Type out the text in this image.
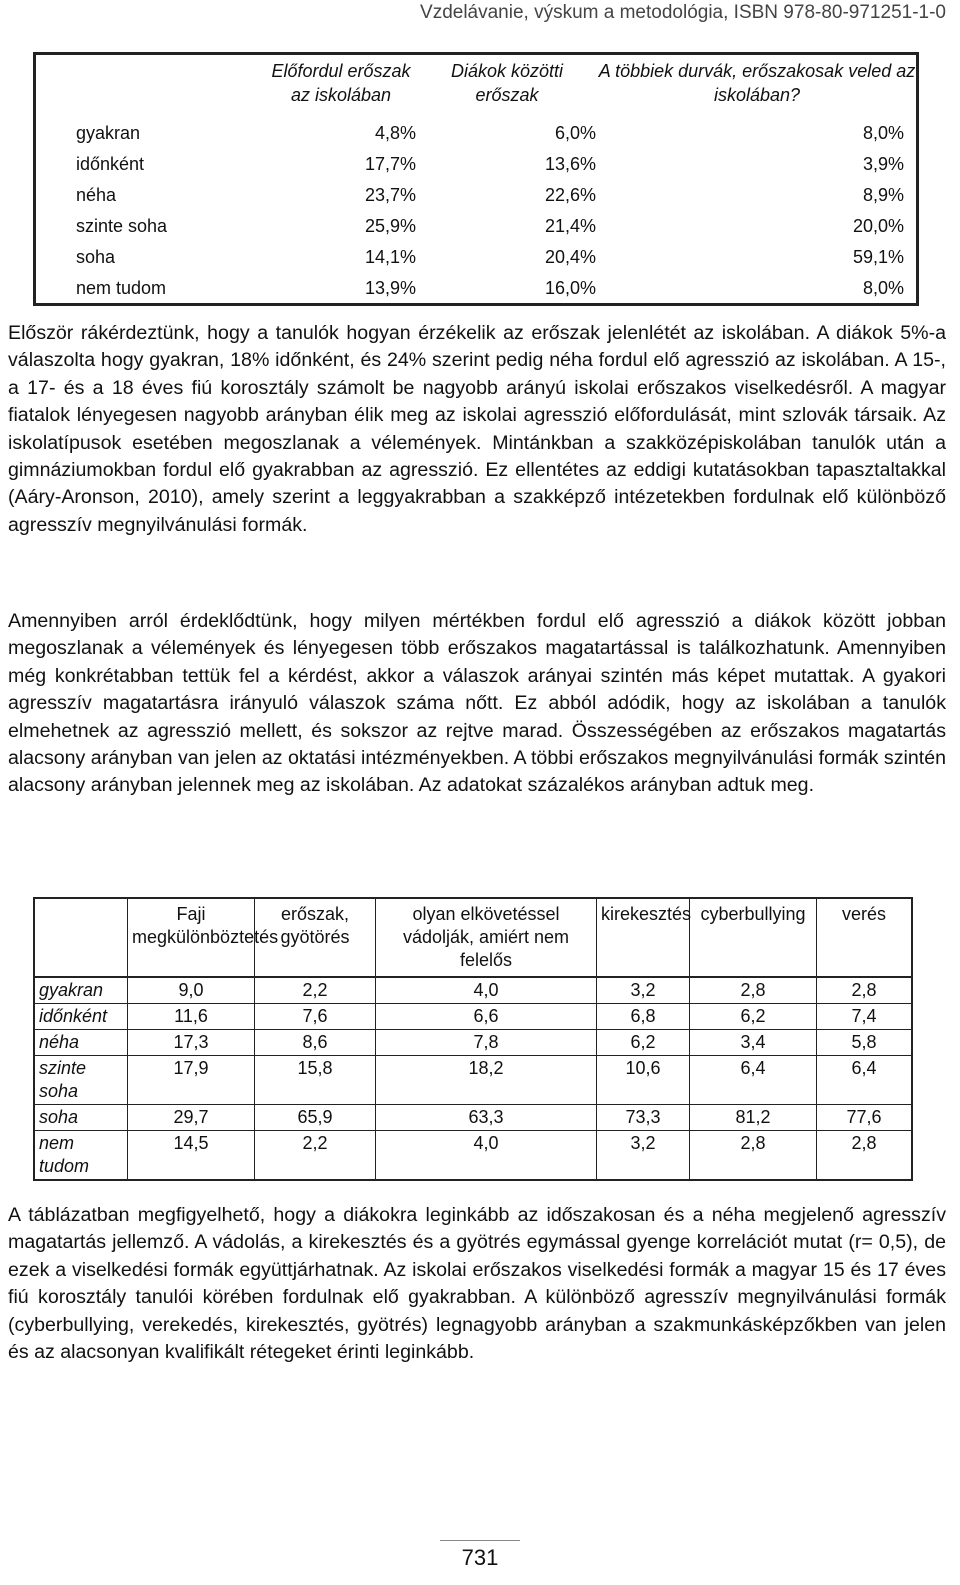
Vzdelávanie, výskum a metodológia, ISBN 978-80-971251-1-0
	Előfordul erőszak az iskolában	Diákok közötti erőszak	A többiek durvák, erőszakosak veled az iskolában?
gyakran	4,8%	6,0%	8,0%
időnként	17,7%	13,6%	3,9%
néha	23,7%	22,6%	8,9%
szinte soha	25,9%	21,4%	20,0%
soha	14,1%	20,4%	59,1%
nem tudom	13,9%	16,0%	8,0%

Először rákérdeztünk, hogy a tanulók hogyan érzékelik az erőszak jelenlétét az iskolában. A diákok 5%-a válaszolta hogy gyakran, 18% időnként, és 24% szerint pedig néha fordul elő agresszió az iskolában. A 15-, a 17- és a 18 éves fiú korosztály számolt be nagyobb arányú iskolai erőszakos viselkedésről. A magyar fiatalok lényegesen nagyobb arányban élik meg az iskolai agresszió előfordulását, mint szlovák társaik. Az iskolatípusok esetében megoszlanak a vélemények. Mintánkban a szakközépiskolában tanulók után a gimnáziumokban fordul elő gyakrabban az agresszió. Ez ellentétes az eddigi kutatásokban tapasztaltakkal (Aáry-Aronson, 2010), amely szerint a leggyakrabban a szakképző intézetekben fordulnak elő különböző agresszív megnyilvánulási formák.

Amennyiben arról érdeklődtünk, hogy milyen mértékben fordul elő agresszió a diákok között jobban megoszlanak a vélemények és lényegesen több erőszakos magatartással is találkozhatunk. Amennyiben még konkrétabban tettük fel a kérdést, akkor a válaszok arányai szintén más képet mutattak. A gyakori agresszív magatartásra irányuló válaszok száma nőtt. Ez abból adódik, hogy az iskolában a tanulók elmehetnek az agresszió mellett, és sokszor az rejtve marad. Összességében az erőszakos magatartás alacsony arányban van jelen az oktatási intézményekben. A többi erőszakos megnyilvánulási formák szintén alacsony arányban jelennek meg az iskolában. Az adatokat százalékos arányban adtuk meg.

	Faji megkülönböztetés	erőszak, gyötörés	olyan elkövetéssel vádolják, amiért nem felelős	kirekesztés	cyberbullying	verés
gyakran	9,0	2,2	4,0	3,2	2,8	2,8
időnként	11,6	7,6	6,6	6,8	6,2	7,4
néha	17,3	8,6	7,8	6,2	3,4	5,8
szinte soha	17,9	15,8	18,2	10,6	6,4	6,4
soha	29,7	65,9	63,3	73,3	81,2	77,6
nem tudom	14,5	2,2	4,0	3,2	2,8	2,8

A táblázatban megfigyelhető, hogy a diákokra leginkább az időszakosan és a néha megjelenő agresszív magatartás jellemző. A vádolás, a kirekesztés és a gyötrés egymással gyenge korrelációt mutat (r= 0,5), de ezek a viselkedési formák együttjárhatnak. Az iskolai erőszakos viselkedési formák a magyar 15 és 17 éves fiú korosztály tanulói körében fordulnak elő gyakrabban. A különböző agresszív megnyilvánulási formák (cyberbullying, verekedés, kirekesztés, gyötrés) legnagyobb arányban a szakmunkásképzőkben van jelen és az alacsonyan kvalifikált rétegeket érinti leginkább.

731
